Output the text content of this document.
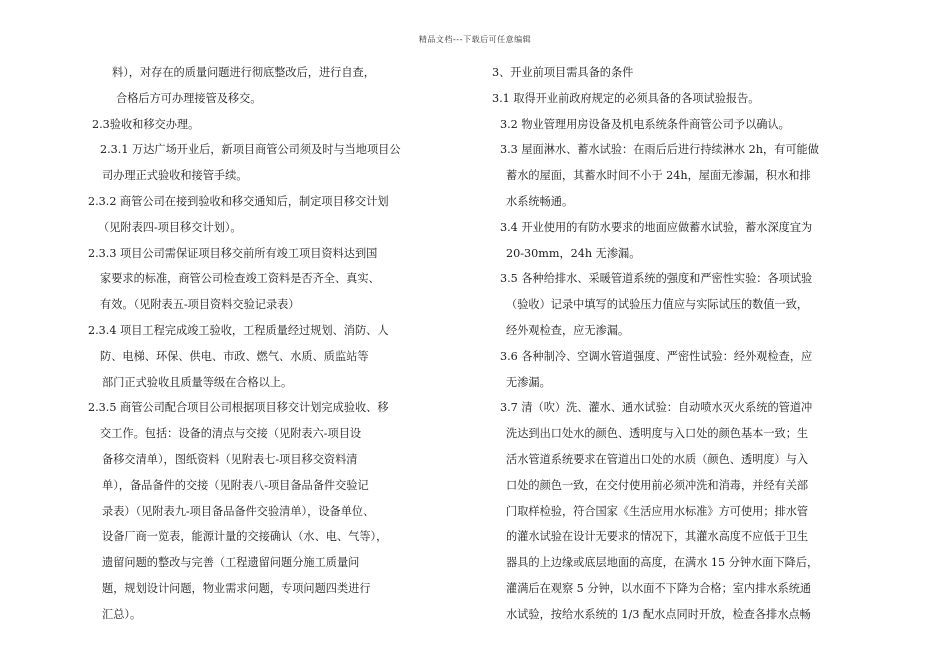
精品文档---下载后可任意编辑
料），对存在的质量问题进行彻底整改后，进行自查，
合格后方可办理接管及移交。
2.3验收和移交办理。
2.3.1 万达广场开业后，新项目商管公司须及时与当地项目公
司办理正式验收和接管手续。
2.3.2 商管公司在接到验收和移交通知后，制定项目移交计划
（见附表四-项目移交计划）。
2.3.3 项目公司需保证项目移交前所有竣工项目资料达到国
家要求的标准，商管公司检查竣工资料是否齐全、真实、
有效。（见附表五-项目资料交验记录表）
2.3.4 项目工程完成竣工验收，工程质量经过规划、消防、人
防、电梯、环保、供电、市政、燃气、水质、质监站等
部门正式验收且质量等级在合格以上。
2.3.5 商管公司配合项目公司根据项目移交计划完成验收、移
交工作。包括：设备的清点与交接（见附表六-项目设
备移交清单），图纸资料（见附表七-项目移交资料清
单），备品备件的交接（见附表八-项目备品备件交验记
录表）（见附表九-项目备品备件交验清单），设备单位、
设备厂商一览表，能源计量的交接确认（水、电、气等），
遗留问题的整改与完善（工程遗留问题分施工质量问
题，规划设计问题，物业需求问题，专项问题四类进行
汇总）。
3、开业前项目需具备的条件
3.1 取得开业前政府规定的必须具备的各项试验报告。
3.2 物业管理用房设备及机电系统条件商管公司予以确认。
3.3 屋面淋水、蓄水试验：在雨后后进行持续淋水 2h，有可能做
蓄水的屋面，其蓄水时间不小于 24h，屋面无渗漏，积水和排
水系统畅通。
3.4 开业使用的有防水要求的地面应做蓄水试验，蓄水深度宜为
20-30mm，24h 无渗漏。
3.5 各种给排水、采暖管道系统的强度和严密性实验：各项试验
（验收）记录中填写的试验压力值应与实际试压的数值一致，
经外观检查，应无渗漏。
3.6 各种制冷、空调水管道强度、严密性试验：经外观检查，应
无渗漏。
3.7 清（吹）洗、灌水、通水试验：自动喷水灭火系统的管道冲
洗达到出口处水的颜色、透明度与入口处的颜色基本一致；生
活水管道系统要求在管道出口处的水质（颜色、透明度）与入
口处的颜色一致，在交付使用前必须冲洗和消毒，并经有关部
门取样检验，符合国家《生活应用水标准》方可使用；排水管
的灌水试验在设计无要求的情况下，其灌水高度不应低于卫生
器具的上边缘或底层地面的高度，在满水 15 分钟水面下降后，
灌满后在观察 5 分钟，以水面不下降为合格；室内排水系统通
水试验，按给水系统的 1/3 配水点同时开放，检查各排水点畅
